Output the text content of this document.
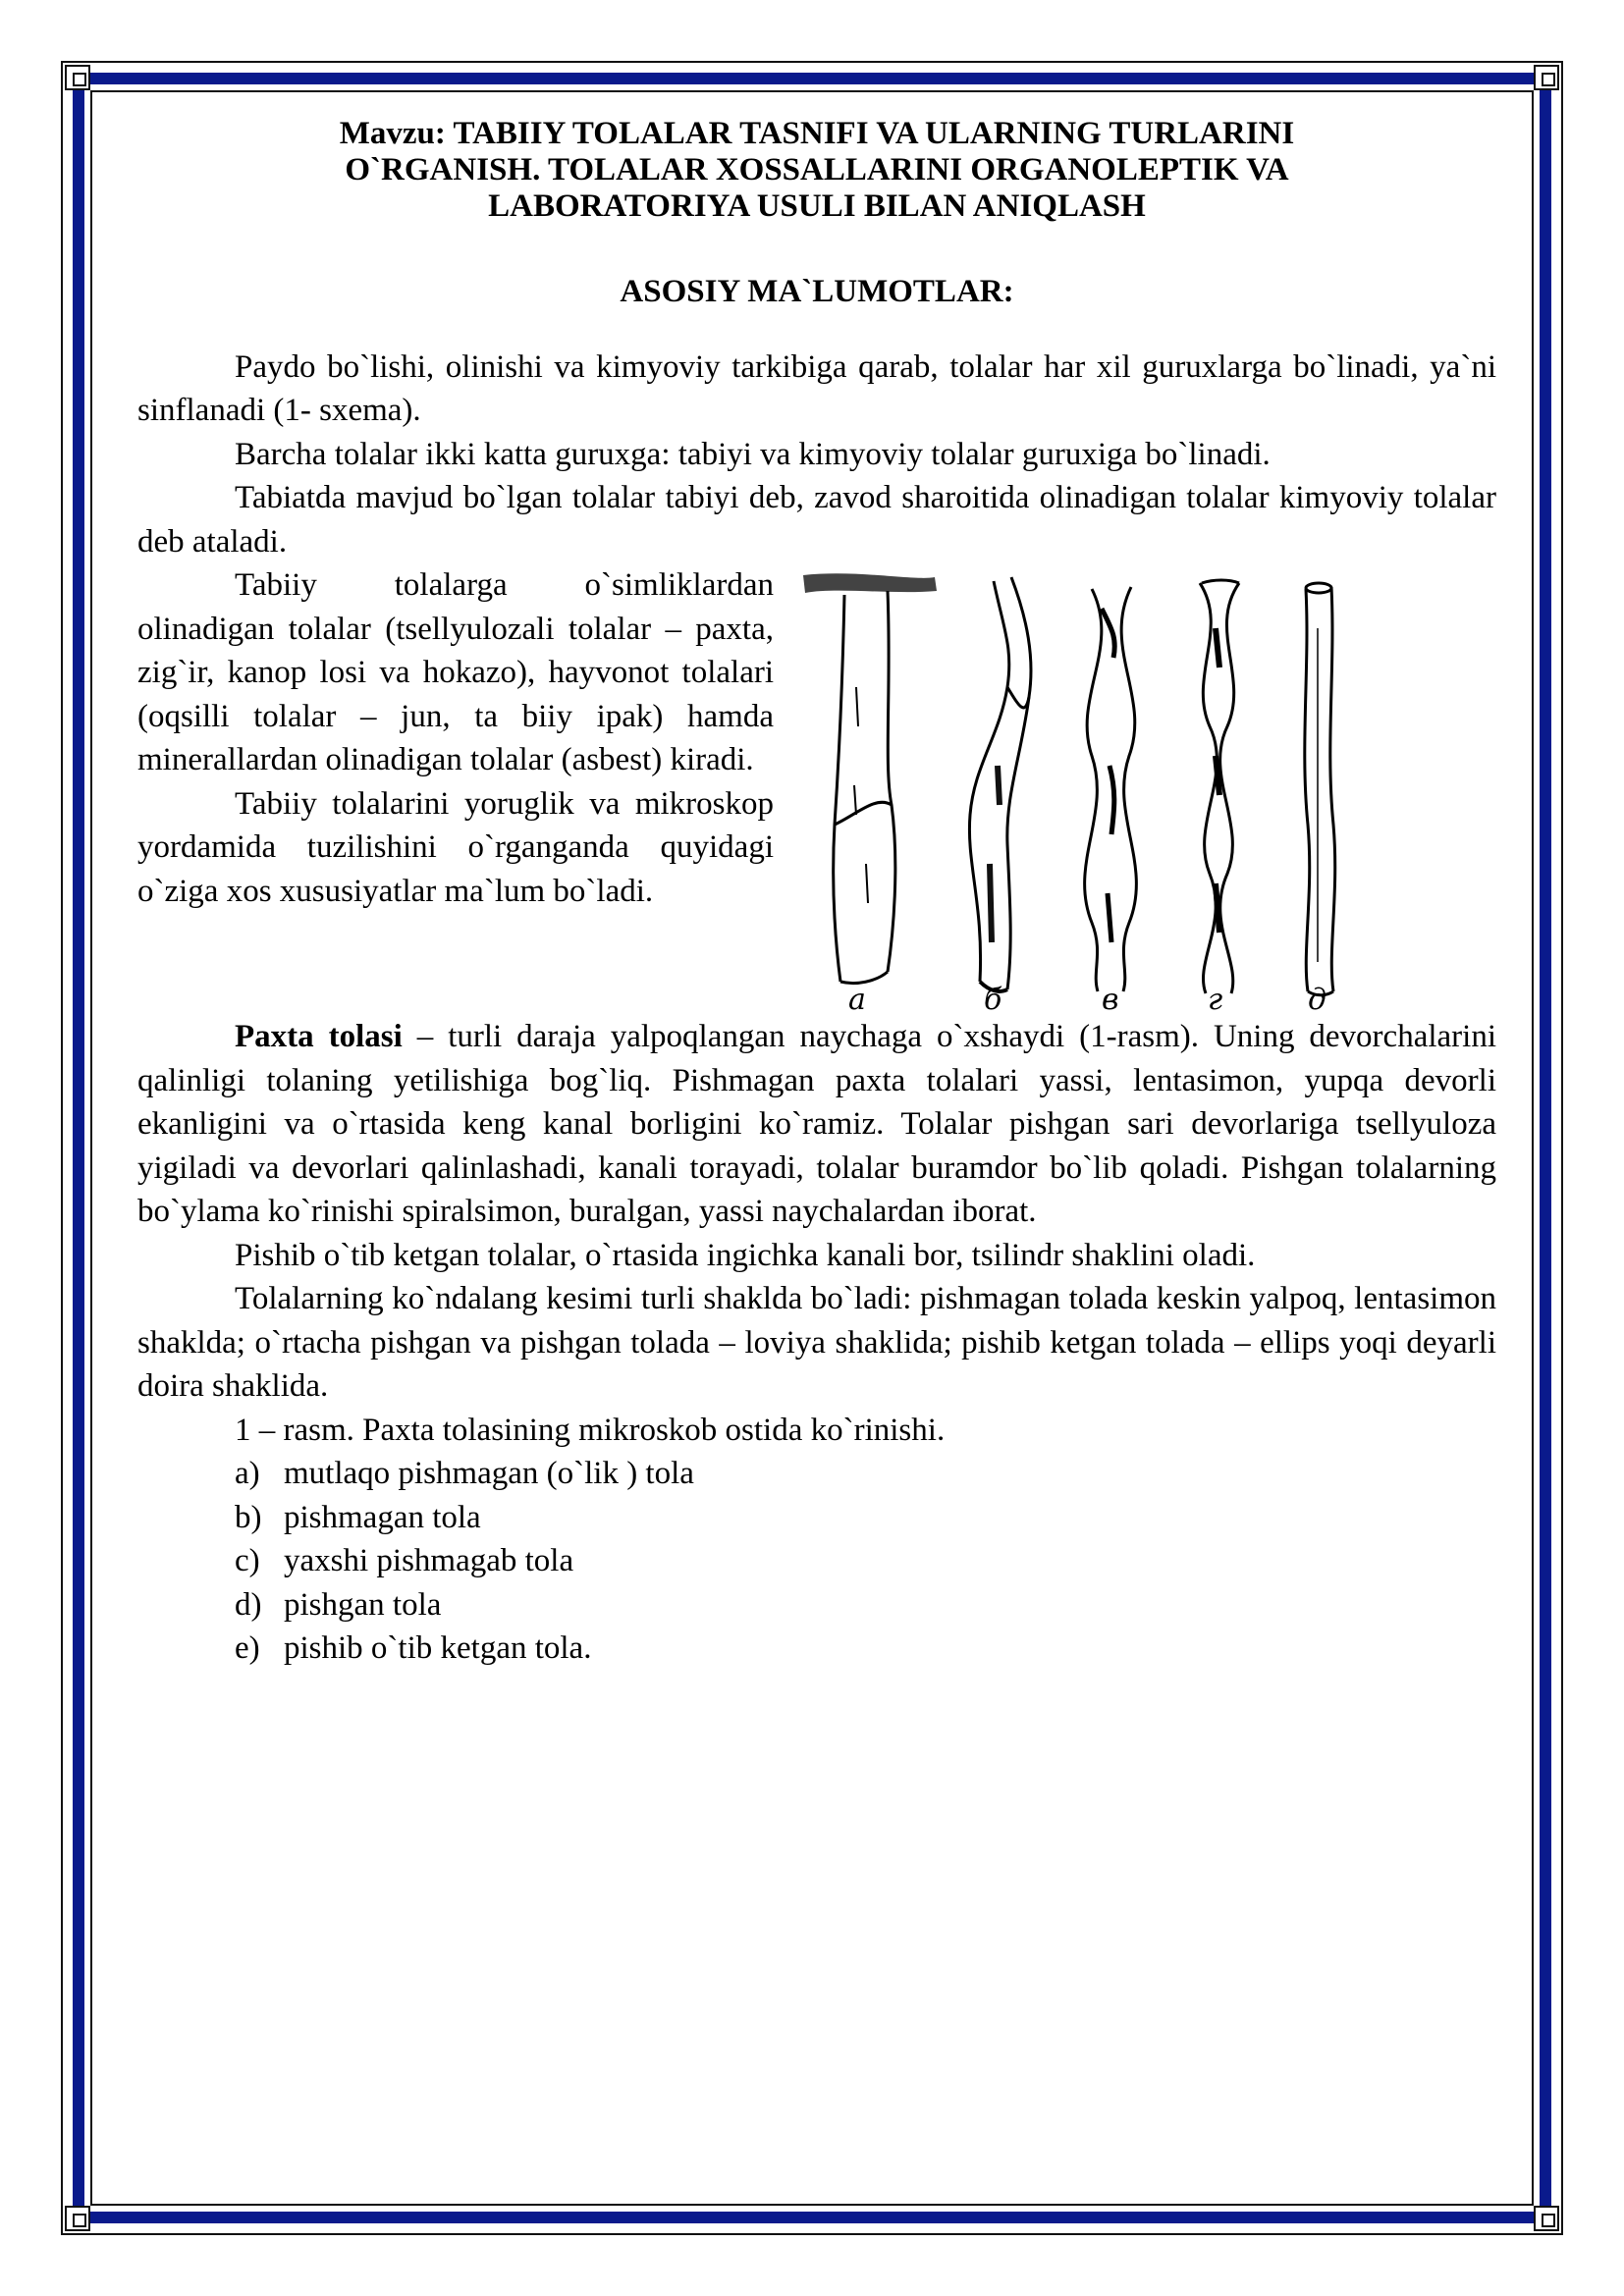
Mavzu: TABIIY TOLALAR TASNIFI VA ULARNING TURLARINI
O`RGANISH. TOLALAR XOSSALLARINI ORGANOLEPTIK VA
LABORATORIYA USULI BILAN ANIQLASH
ASOSIY MA`LUMOTLAR:

Paydo bo`lishi, olinishi va kimyoviy tarkibiga qarab, tolalar har xil guruxlarga bo`linadi, ya`ni sinflanadi (1- sxema).

Barcha tolalar ikki katta guruxga: tabiyi va kimyoviy tolalar guruxiga bo`linadi.

Tabiatda mavjud bo`lgan tolalar tabiyi deb, zavod sharoitida olinadigan tolalar kimyoviy tolalar deb ataladi.

Tabiiy tolalarga o`simliklardan olinadigan tolalar (tsellyulozali tolalar – paxta, zig`ir, kanop losi va hokazo), hayvonot tolalari (oqsilli tolalar – jun, ta biiy ipak) hamda minerallardan olinadigan tolalar (asbest) kiradi.

Tabiiy tolalarini yoruglik va mikroskop yordamida tuzilishini o`rganganda quyidagi o`ziga xos xususiyatlar ma`lum bo`ladi.

а	б	в	г	д

Paxta tolasi – turli daraja yalpoqlangan naychaga o`xshaydi (1-rasm). Uning devorchalarini qalinligi tolaning yetilishiga bog`liq. Pishmagan paxta tolalari yassi, lentasimon, yupqa devorli ekanligini va o`rtasida keng kanal borligini ko`ramiz. Tolalar pishgan sari devorlariga tsellyuloza yigiladi va devorlari qalinlashadi, kanali torayadi, tolalar buramdor bo`lib qoladi. Pishgan tolalarning bo`ylama ko`rinishi spiralsimon, buralgan, yassi naychalardan iborat.

Pishib o`tib ketgan tolalar, o`rtasida ingichka kanali bor, tsilindr shaklini oladi.

Tolalarning ko`ndalang kesimi turli shaklda bo`ladi: pishmagan tolada keskin yalpoq, lentasimon shaklda; o`rtacha pishgan va pishgan tolada – loviya shaklida; pishib ketgan tolada – ellips yoqi deyarli doira shaklida.

1 – rasm. Paxta tolasining mikroskob ostida ko`rinishi.

a) mutlaqo pishmagan (o`lik ) tola
b) pishmagan tola
c) yaxshi pishmagab tola
d) pishgan tola
e) pishib o`tib ketgan tola.
